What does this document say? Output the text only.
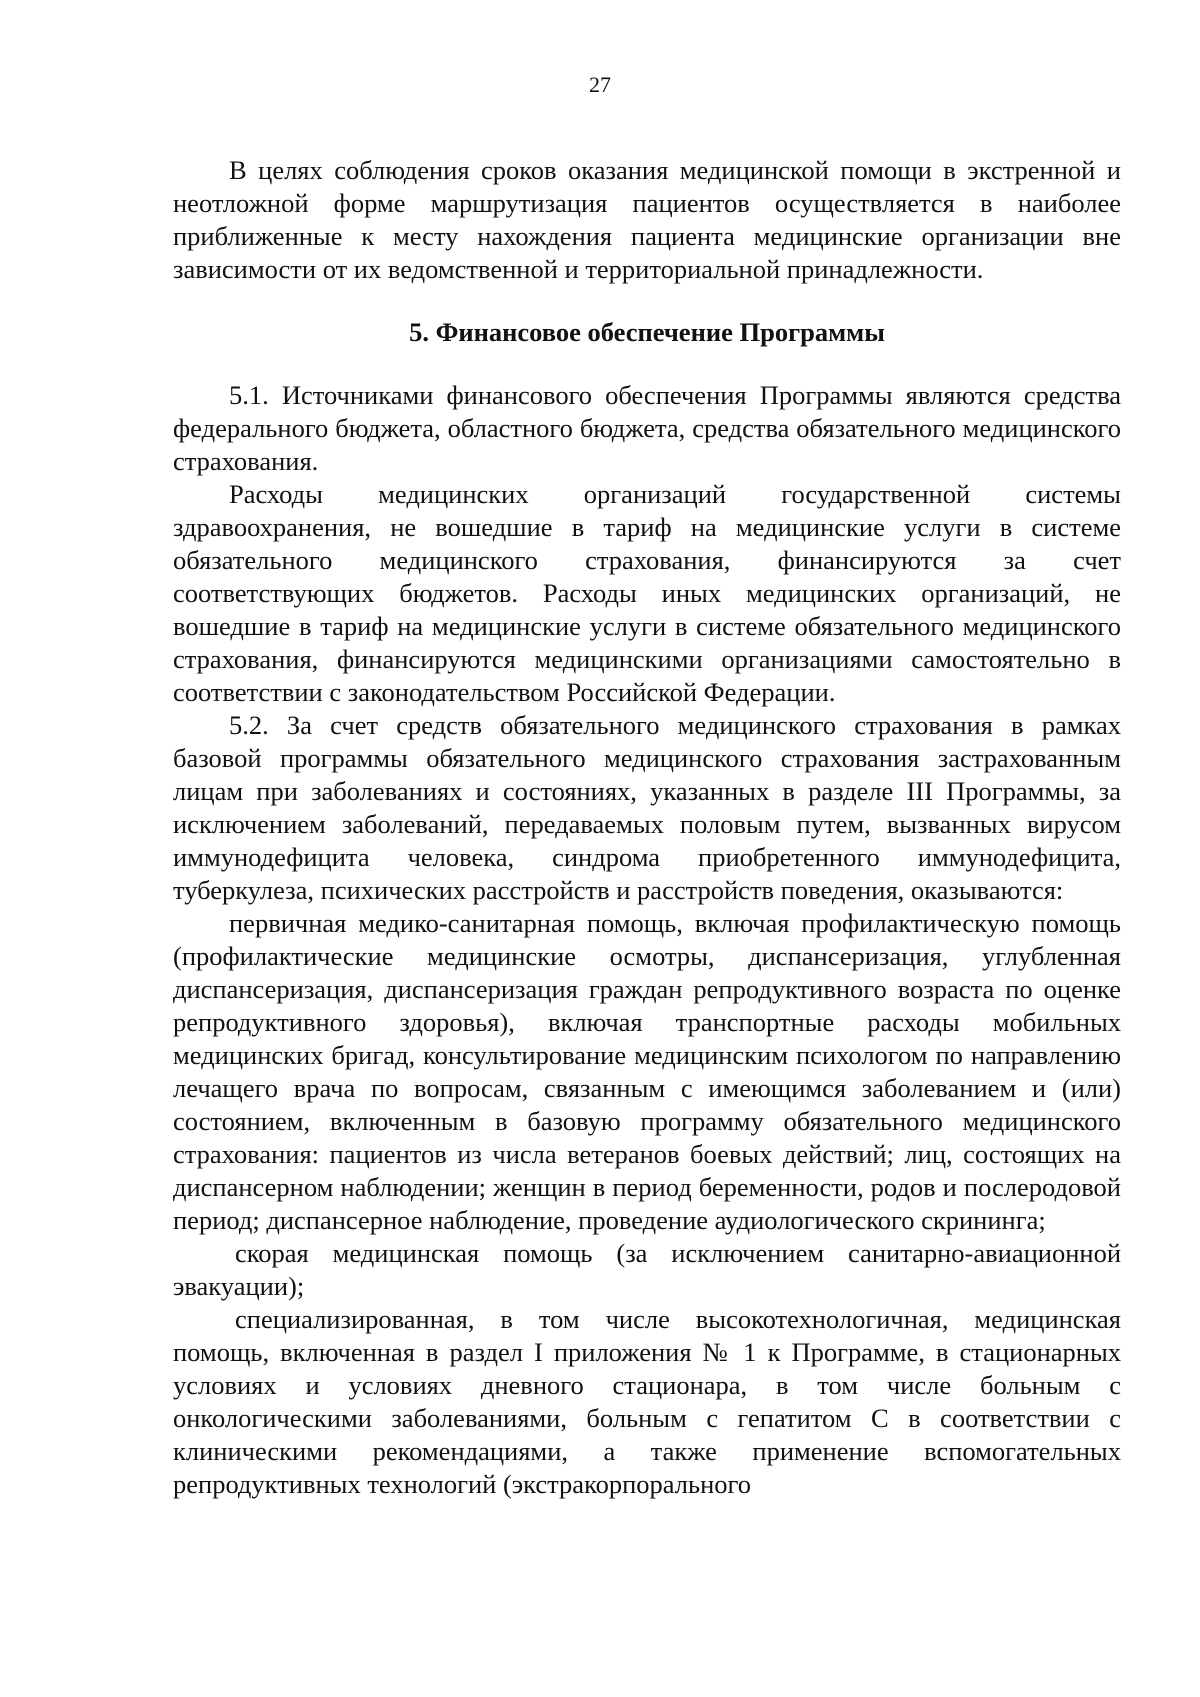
27

В целях соблюдения сроков оказания медицинской помощи в экстренной и неотложной форме маршрутизация пациентов осуществляется в наиболее приближенные к месту нахождения пациента медицинские организации вне зависимости от их ведомственной и территориальной принадлежности.

5. Финансовое обеспечение Программы

5.1. Источниками финансового обеспечения Программы являются средства федерального бюджета, областного бюджета, средства обязательного медицинского страхования.

Расходы медицинских организаций государственной системы здравоохранения, не вошедшие в тариф на медицинские услуги в системе обязательного медицинского страхования, финансируются за счет соответствующих бюджетов. Расходы иных медицинских организаций, не вошедшие в тариф на медицинские услуги в системе обязательного медицинского страхования, финансируются медицинскими организациями самостоятельно в соответствии с законодательством Российской Федерации.

5.2. За счет средств обязательного медицинского страхования в рамках базовой программы обязательного медицинского страхования застрахованным лицам при заболеваниях и состояниях, указанных в разделе III Программы, за исключением заболеваний, передаваемых половым путем, вызванных вирусом иммунодефицита человека, синдрома приобретенного иммунодефицита, туберкулеза, психических расстройств и расстройств поведения, оказываются:

первичная медико-санитарная помощь, включая профилактическую помощь (профилактические медицинские осмотры, диспансеризация, углубленная диспансеризация, диспансеризация граждан репродуктивного возраста по оценке репродуктивного здоровья), включая транспортные расходы мобильных медицинских бригад, консультирование медицинским психологом по направлению лечащего врача по вопросам, связанным с имеющимся заболеванием и (или) состоянием, включенным в базовую программу обязательного медицинского страхования: пациентов из числа ветеранов боевых действий; лиц, состоящих на диспансерном наблюдении; женщин в период беременности, родов и послеродовой период; диспансерное наблюдение, проведение аудиологического скрининга;

скорая медицинская помощь (за исключением санитарно-авиационной эвакуации);

специализированная, в том числе высокотехнологичная, медицинская помощь, включенная в раздел I приложения № 1 к Программе, в стационарных условиях и условиях дневного стационара, в том числе больным с онкологическими заболеваниями, больным с гепатитом C в соответствии с клиническими рекомендациями, а также применение вспомогательных репродуктивных технологий (экстракорпорального
